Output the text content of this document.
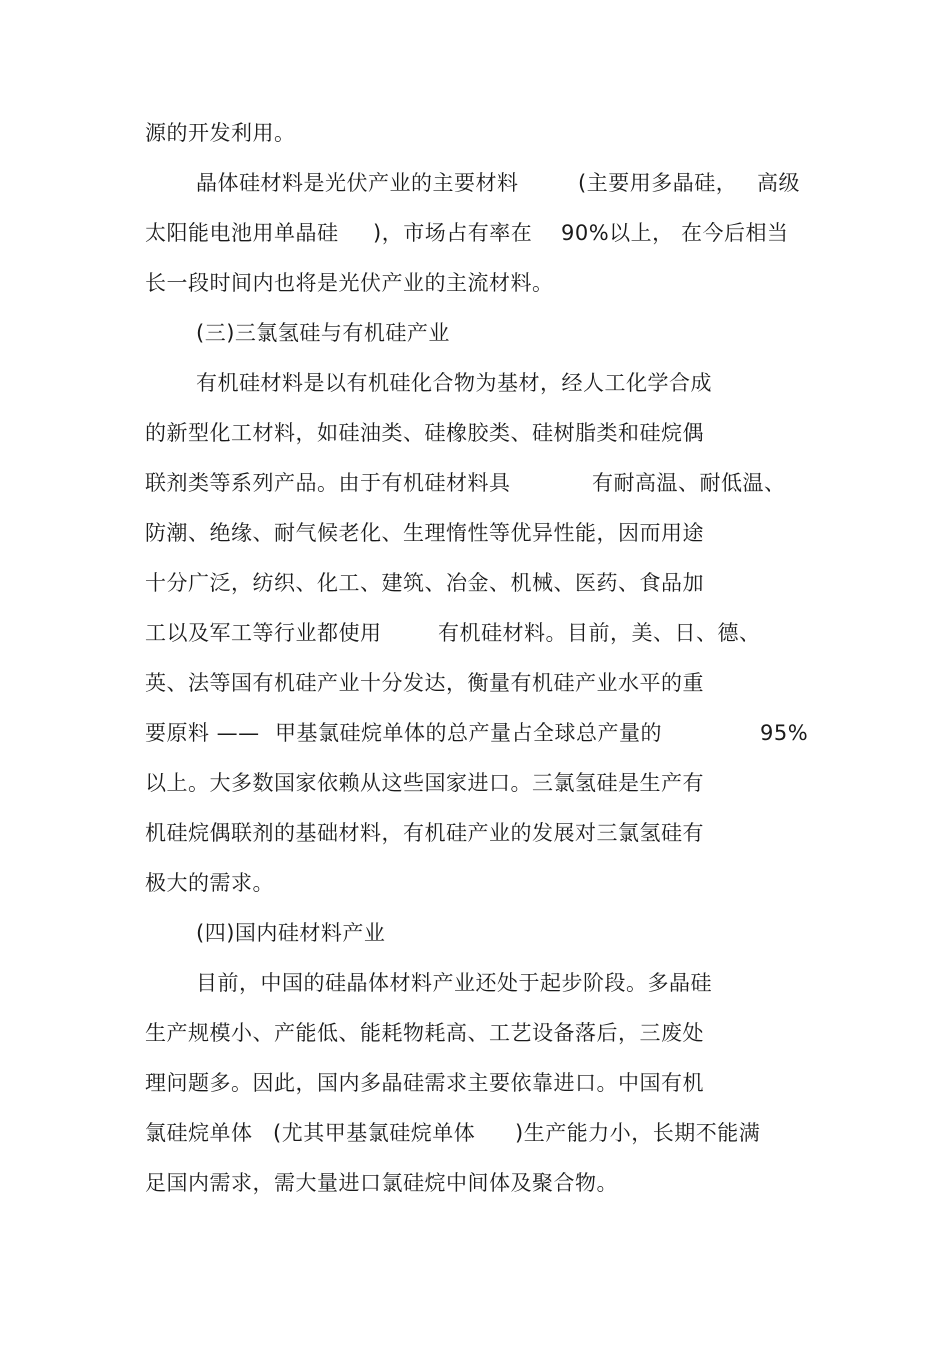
源的开发利用。

晶体硅材料是光伏产业的主要材料

	(主要用多晶硅，

高级

太阳能电池用单晶硅

)，市场占有率在

90%以上，

在今后相当

长一段时间内也将是光伏产业的主流材料。

(三)三氯氢硅与有机硅产业

有机硅材料是以有机硅化合物为基材，经人工化学合成

的新型化工材料，如硅油类、硅橡胶类、硅树脂类和硅烷偶

联剂类等系列产品。由于有机硅材料具

	有耐高温、耐低温、

防潮、绝缘、耐气候老化、生理惰性等优异性能，因而用途

十分广泛，纺织、化工、建筑、冶金、机械、医药、食品加

工以及军工等行业都使用

	有机硅材料。目前，美、日、德、

英、法等国有机硅产业十分发达，衡量有机硅产业水平的重

要原料 ——

甲基氯硅烷单体的总产量占全球总产量的

	95%

以上。大多数国家依赖从这些国家进口。三氯氢硅是生产有

机硅烷偶联剂的基础材料，有机硅产业的发展对三氯氢硅有

极大的需求。

(四)国内硅材料产业

目前，中国的硅晶体材料产业还处于起步阶段。多晶硅

生产规模小、产能低、能耗物耗高、工艺设备落后，三废处

理问题多。因此，国内多晶硅需求主要依靠进口。中国有机

氯硅烷单体

(尤其甲基氯硅烷单体

)生产能力小，长期不能满

足国内需求，需大量进口氯硅烷中间体及聚合物。
